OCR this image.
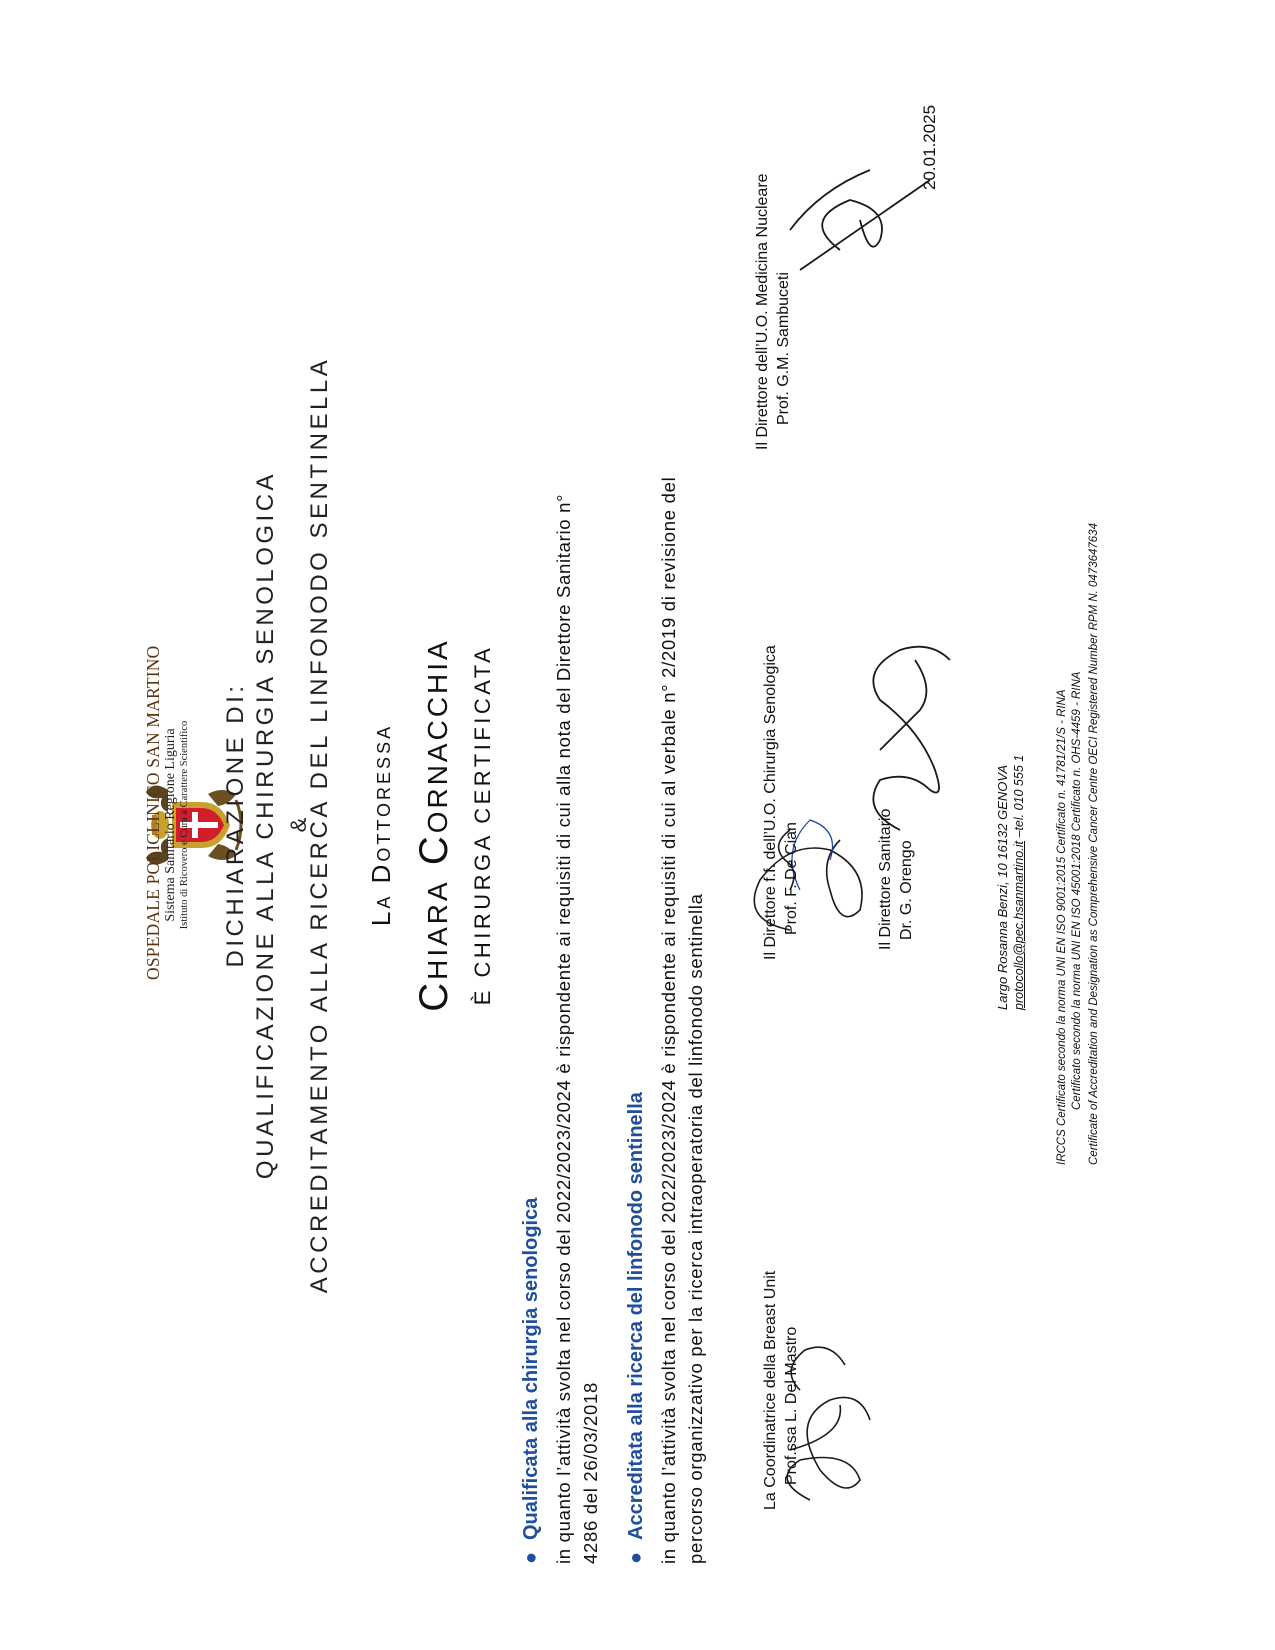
OSPEDALE POLICLINICO SAN MARTINO Sistema Sanitario Regione Liguria Istituto di Ricovero e Cura a Carattere Scientifico DICHIARAZIONE DI: QUALIFICAZIONE ALLA CHIRURGIA SENOLOGICA &
ACCREDITAMENTO ALLA RICERCA DEL LINFONODO SENTINELLA La Dottoressa Chiara Cornacchia È CHIRURGA CERTIFICATA
●
Qualificata alla chirurgia senologica in quanto l’attività svolta nel corso del 2022/2023/2024 è rispondente ai requisiti di cui alla nota del Direttore Sanitario n° 4286 del 26/03/2018 ●
Accreditata alla ricerca del linfonodo sentinella in quanto l’attività svolta nel corso del 2022/2023/2024 è rispondente ai requisiti di cui al verbale n° 2/2019 di revisione del percorso organizzativo per la ricerca intraoperatoria del linfonodo sentinella	La Coordinatrice della Breast Unit Prof.ssa L. Del Mastro
Il Direttore f.f. dell’U.O. Chirurgia Senologica Prof. F. De Cian
Il Direttore dell’U.O. Medicina Nucleare Prof. G.M. Sambuceti
Il Direttore Sanitario Dr. G. Orengo
20.01.2025
Largo Rosanna Benzi, 10 16132 GENOVA protocollo@pec.hsanmartino.it –tel. 010 555 1	IRCCS Certificato secondo la norma UNI EN ISO 9001:2015 Certificato n. 41781/21/S - RINA Certificato secondo la norma UNI EN ISO 45001:2018 Certificato n. OHS-4459 - RINA Certificate of Accreditation and Designation as Comprehensive Cancer Centre OECI Registered Number RPM N. 0473647634
